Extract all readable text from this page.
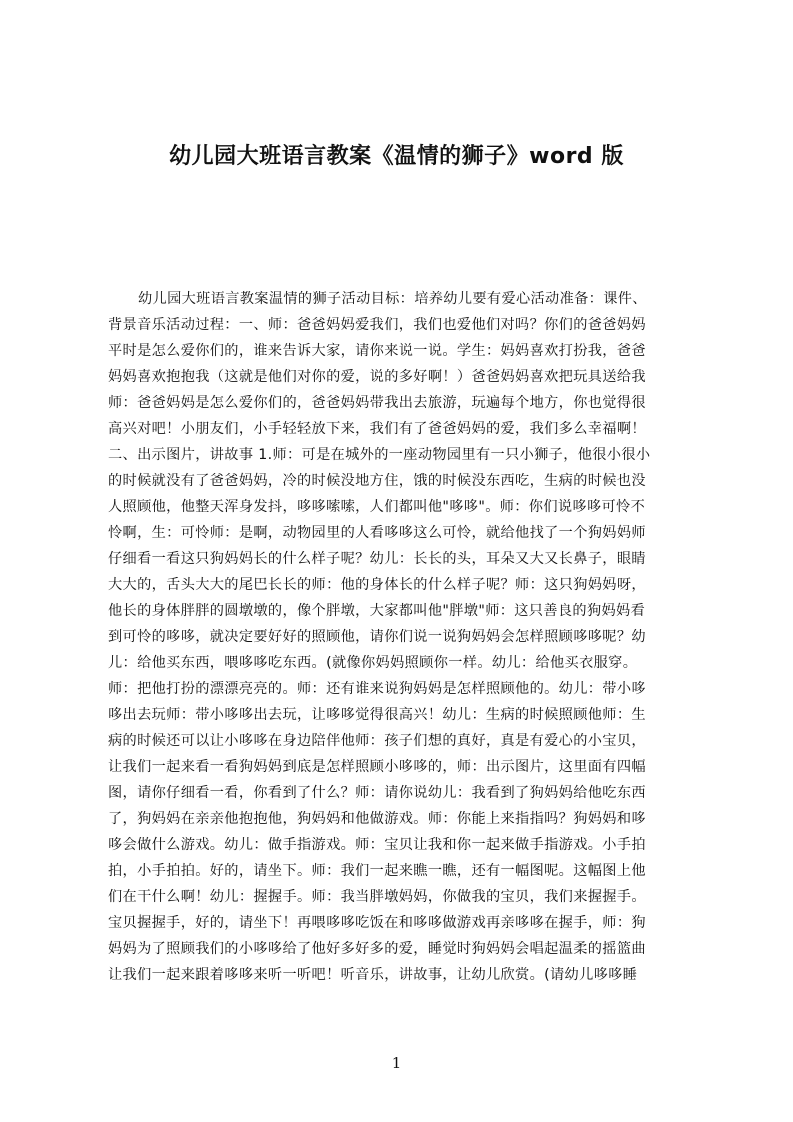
幼儿园大班语言教案《温情的狮子》word 版
幼儿园大班语言教案温情的狮子活动目标：培养幼儿要有爱心活动准备：课件、
背景音乐活动过程：一、师：爸爸妈妈爱我们，我们也爱他们对吗？你们的爸爸妈妈
平时是怎么爱你们的，谁来告诉大家，请你来说一说。学生：妈妈喜欢打扮我，爸爸
妈妈喜欢抱抱我（这就是他们对你的爱，说的多好啊！）爸爸妈妈喜欢把玩具送给我
师：爸爸妈妈是怎么爱你们的，爸爸妈妈带我出去旅游，玩遍每个地方，你也觉得很
高兴对吧！小朋友们，小手轻轻放下来，我们有了爸爸妈妈的爱，我们多么幸福啊！
二、出示图片，讲故事 1.师：可是在城外的一座动物园里有一只小狮子，他很小很小
的时候就没有了爸爸妈妈，冷的时候没地方住，饿的时候没东西吃，生病的时候也没
人照顾他，他整天浑身发抖，哆哆嗦嗦，人们都叫他"哆哆"。师：你们说哆哆可怜不
怜啊，生：可怜师：是啊，动物园里的人看哆哆这么可怜，就给他找了一个狗妈妈师
仔细看一看这只狗妈妈长的什么样子呢？幼儿：长长的头，耳朵又大又长鼻子，眼睛
大大的，舌头大大的尾巴长长的师：他的身体长的什么样子呢？师：这只狗妈妈呀，
他长的身体胖胖的圆墩墩的，像个胖墩，大家都叫他"胖墩"师：这只善良的狗妈妈看
到可怜的哆哆，就决定要好好的照顾他，请你们说一说狗妈妈会怎样照顾哆哆呢？幼
儿：给他买东西，喂哆哆吃东西。(就像你妈妈照顾你一样。幼儿：给他买衣服穿。
师：把他打扮的漂漂亮亮的。师：还有谁来说狗妈妈是怎样照顾他的。幼儿：带小哆
哆出去玩师：带小哆哆出去玩，让哆哆觉得很高兴！幼儿：生病的时候照顾他师：生
病的时候还可以让小哆哆在身边陪伴他师：孩子们想的真好，真是有爱心的小宝贝，
让我们一起来看一看狗妈妈到底是怎样照顾小哆哆的，师：出示图片，这里面有四幅
图，请你仔细看一看，你看到了什么？师：请你说幼儿：我看到了狗妈妈给他吃东西
了，狗妈妈在亲亲他抱抱他，狗妈妈和他做游戏。师：你能上来指指吗？狗妈妈和哆
哆会做什么游戏。幼儿：做手指游戏。师：宝贝让我和你一起来做手指游戏。小手拍
拍，小手拍拍。好的，请坐下。师：我们一起来瞧一瞧，还有一幅图呢。这幅图上他
们在干什么啊！幼儿：握握手。师：我当胖墩妈妈，你做我的宝贝，我们来握握手。
宝贝握握手，好的，请坐下！再喂哆哆吃饭在和哆哆做游戏再亲哆哆在握手，师：狗
妈妈为了照顾我们的小哆哆给了他好多好多的爱，睡觉时狗妈妈会唱起温柔的摇篮曲
让我们一起来跟着哆哆来听一听吧！听音乐，讲故事，让幼儿欣赏。(请幼儿哆哆睡
1
